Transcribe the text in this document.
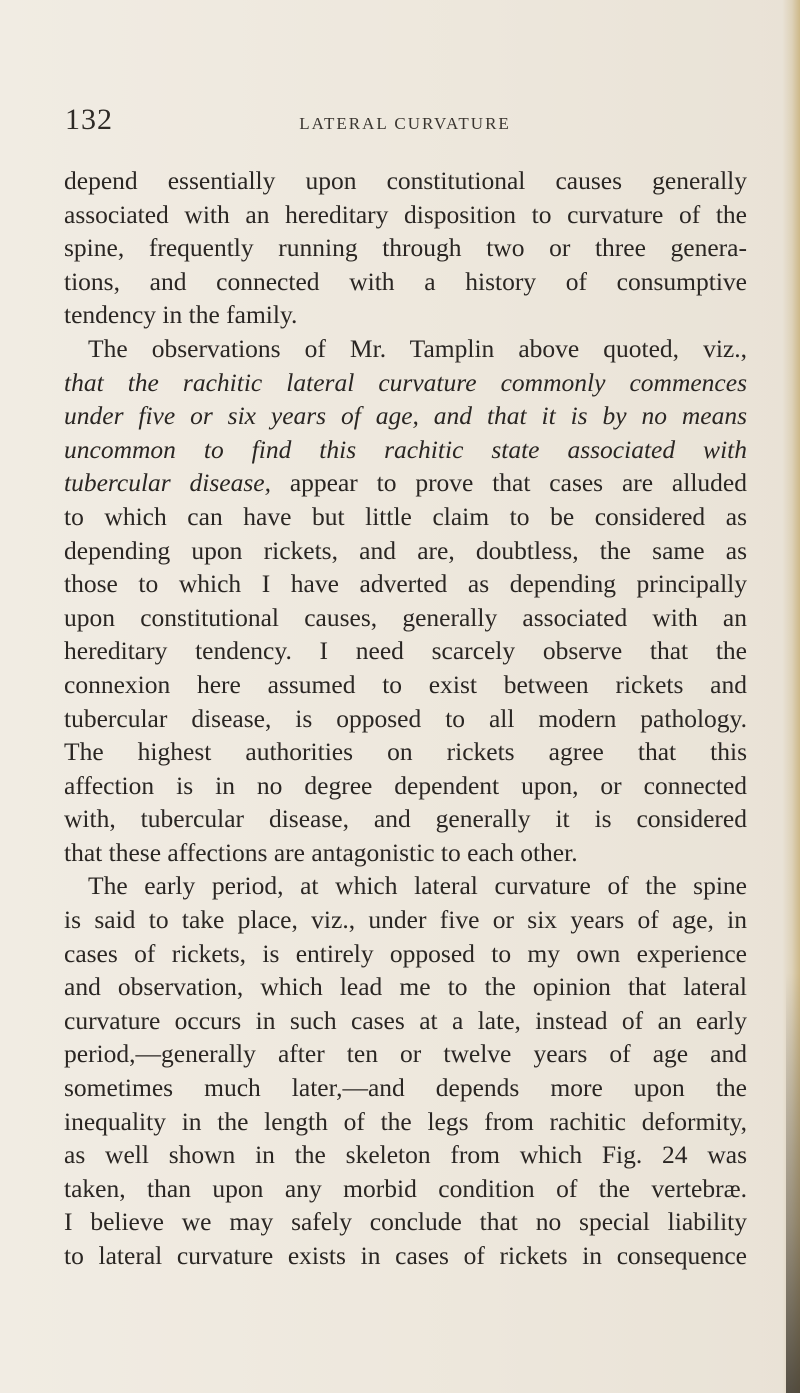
132	LATERAL CURVATURE
depend essentially upon constitutional causes generally
associated with an hereditary disposition to curvature of the
spine, frequently running through two or three genera-
tions, and connected with a history of consumptive
tendency in the family.
The observations of Mr. Tamplin above quoted, viz.,
that the rachitic lateral curvature commonly commences
under five or six years of age, and that it is by no means
uncommon to find this rachitic state associated with
tubercular disease, appear to prove that cases are alluded
to which can have but little claim to be considered as
depending upon rickets, and are, doubtless, the same as
those to which I have adverted as depending principally
upon constitutional causes, generally associated with an
hereditary tendency. I need scarcely observe that the
connexion here assumed to exist between rickets and
tubercular disease, is opposed to all modern pathology.
The highest authorities on rickets agree that this
affection is in no degree dependent upon, or connected
with, tubercular disease, and generally it is considered
that these affections are antagonistic to each other.
The early period, at which lateral curvature of the spine
is said to take place, viz., under five or six years of age, in
cases of rickets, is entirely opposed to my own experience
and observation, which lead me to the opinion that lateral
curvature occurs in such cases at a late, instead of an early
period,—generally after ten or twelve years of age and
sometimes much later,—and depends more upon the
inequality in the length of the legs from rachitic deformity,
as well shown in the skeleton from which Fig. 24 was
taken, than upon any morbid condition of the vertebræ.
I believe we may safely conclude that no special liability
to lateral curvature exists in cases of rickets in consequence
